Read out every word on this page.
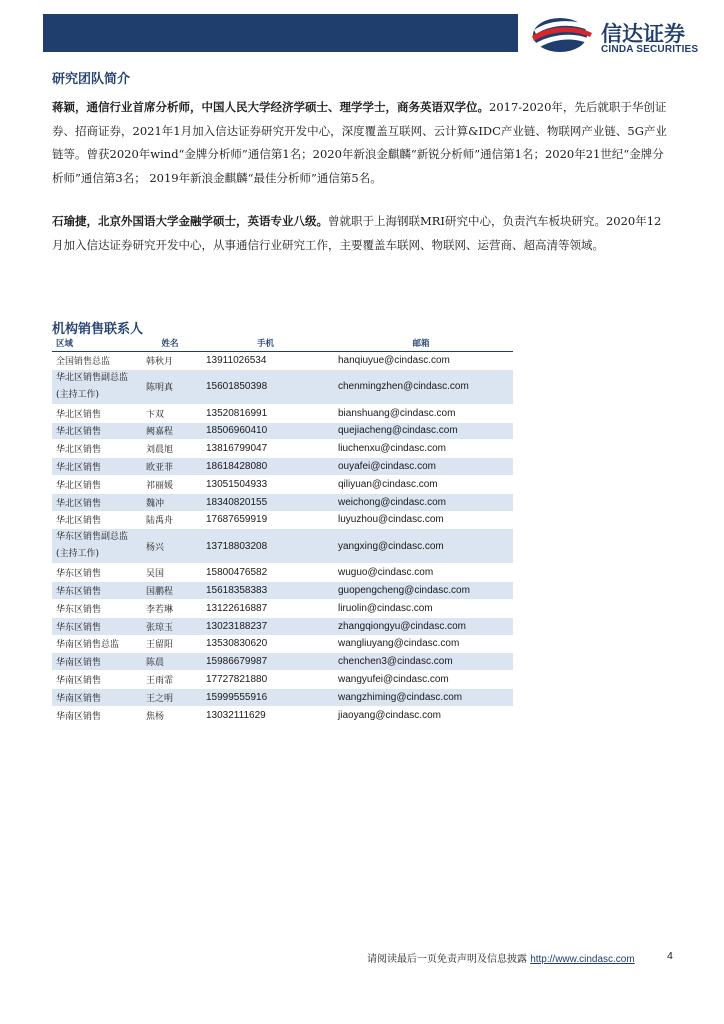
信达证券
CINDA SECURITIES
研究团队简介
蒋颖，通信行业首席分析师，中国人民大学经济学硕士、理学学士，商务英语双学位。2017-2020年，先后就职于华创证券、招商证券，2021年1月加入信达证券研究开发中心，深度覆盖互联网、云计算&IDC产业链、物联网产业链、5G产业链等。曾获2020年wind“金牌分析师”通信第1名；2020年新浪金麒麟“新锐分析师”通信第1名；2020年21世纪“金牌分析师”通信第3名； 2019年新浪金麒麟“最佳分析师”通信第5名。
石瑜捷，北京外国语大学金融学硕士，英语专业八级。曾就职于上海钢联MRI研究中心，负责汽车板块研究。2020年12月加入信达证券研究开发中心，从事通信行业研究工作，主要覆盖车联网、物联网、运营商、超高清等领域。
机构销售联系人
区域	姓名	手机	邮箱
全国销售总监	韩秋月	13911026534	hanqiuyue@cindasc.com
华北区销售副总监(主持工作)	陈明真	15601850398	chenmingzhen@cindasc.com
华北区销售	卞双	13520816991	bianshuang@cindasc.com
华北区销售	阙嘉程	18506960410	quejiacheng@cindasc.com
华北区销售	刘晨旭	13816799047	liuchenxu@cindasc.com
华北区销售	欧亚菲	18618428080	ouyafei@cindasc.com
华北区销售	祁丽媛	13051504933	qiliyuan@cindasc.com
华北区销售	魏冲	18340820155	weichong@cindasc.com
华北区销售	陆禹舟	17687659919	luyuzhou@cindasc.com
华东区销售副总监(主持工作)	杨兴	13718803208	yangxing@cindasc.com
华东区销售	吴国	15800476582	wuguo@cindasc.com
华东区销售	国鹏程	15618358383	guopengcheng@cindasc.com
华东区销售	李若琳	13122616887	liruolin@cindasc.com
华东区销售	张琼玉	13023188237	zhangqiongyu@cindasc.com
华南区销售总监	王留阳	13530830620	wangliuyang@cindasc.com
华南区销售	陈晨	15986679987	chenchen3@cindasc.com
华南区销售	王雨霏	17727821880	wangyufei@cindasc.com
华南区销售	王之明	15999555916	wangzhiming@cindasc.com
华南区销售	焦杨	13032111629	jiaoyang@cindasc.com
请阅读最后一页免责声明及信息披露 http://www.cindasc.com	4
